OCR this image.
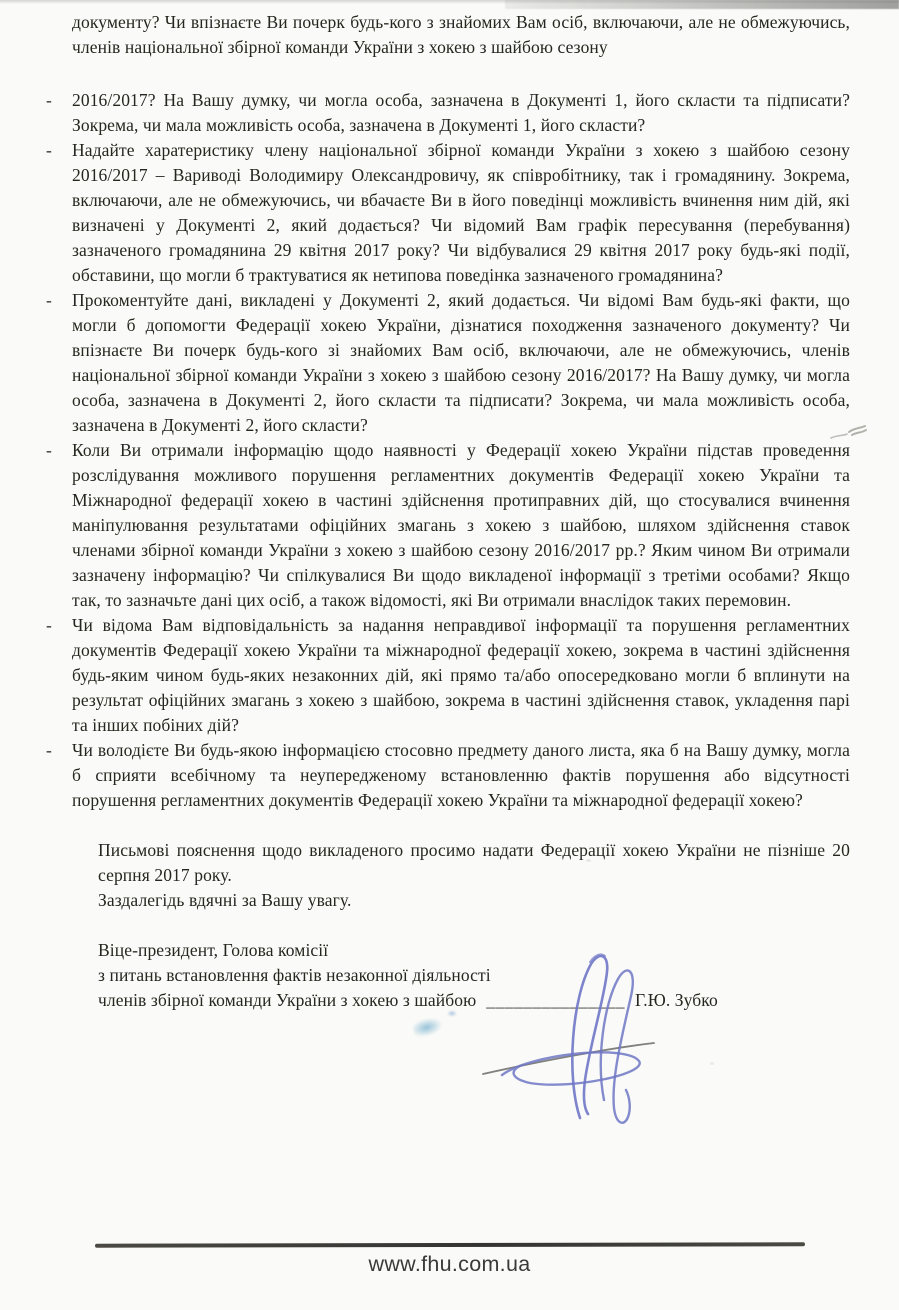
документу? Чи впізнаєте Ви почерк будь-кого з знайомих Вам осіб, включаючи, але не обмежуючись, членів національної збірної команди України з хокею з шайбою сезону

-	2016/2017? На Вашу думку, чи могла особа, зазначена в Документі 1, його скласти та підписати? Зокрема, чи мала можливість особа, зазначена в Документі 1, його скласти?
-	Надайте харатеристику члену національної збірної команди України з хокею з шайбою сезону 2016/2017 – Вариводі Володимиру Олександровичу, як співробітнику, так і громадянину. Зокрема, включаючи, але не обмежуючись, чи вбачаєте Ви в його поведінці можливість вчинення ним дій, які визначені у Документі 2, який додається? Чи відомий Вам графік пересування (перебування) зазначеного громадянина 29 квітня 2017 року? Чи відбувалися 29 квітня 2017 року будь-які події, обставини, що могли б трактуватися як нетипова поведінка зазначеного громадянина?
-	Прокоментуйте дані, викладені у Документі 2, який додається. Чи відомі Вам будь-які факти, що могли б допомогти Федерації хокею України, дізнатися походження зазначеного документу? Чи впізнаєте Ви почерк будь-кого зі знайомих Вам осіб, включаючи, але не обмежуючись, членів національної збірної команди України з хокею з шайбою сезону 2016/2017? На Вашу думку, чи могла особа, зазначена в Документі 2, його скласти та підписати? Зокрема, чи мала можливість особа, зазначена в Документі 2, його скласти?
-	Коли Ви отримали інформацію щодо наявності у Федерації хокею України підстав проведення розслідування можливого порушення регламентних документів Федерації хокею України та Міжнародної федерації хокею в частині здійснення протиправних дій, що стосувалися вчинення маніпулювання результатами офіційних змагань з хокею з шайбою, шляхом здійснення ставок членами збірної команди України з хокею з шайбою сезону 2016/2017 рр.? Яким чином Ви отримали зазначену інформацію? Чи спілкувалися Ви щодо викладеної інформації з третіми особами? Якщо так, то зазначьте дані цих осіб, а також відомості, які Ви отримали внаслідок таких перемовин.
-	Чи відома Вам відповідальність за надання неправдивої інформації та порушення регламентних документів Федерації хокею України та міжнародної федерації хокею, зокрема в частині здійснення будь-яким чином будь-яких незаконних дій, які прямо та/або опосередковано могли б вплинути на результат офіційних змагань з хокею з шайбою, зокрема в частині здійснення ставок, укладення парі та інших побіних дій?
-	Чи володієте Ви будь-якою інформацією стосовно предмету даного листа, яка б на Вашу думку, могла б сприяти всебічному та неупередженому встановленню фактів порушення або відсутності порушення регламентних документів Федерації хокею України та міжнародної федерації хокею?

Письмові пояснення щодо викладеного просимо надати Федерації хокею України не пізніше 20 серпня 2017 року.

Заздалегідь вдячні за Вашу увагу.

Віце-президент, Голова комісії
з питань встановлення фактів незаконної діяльності
членів збірної команди України з хокею з шайбою _______________ Г.Ю. Зубко
www.fhu.com.ua
